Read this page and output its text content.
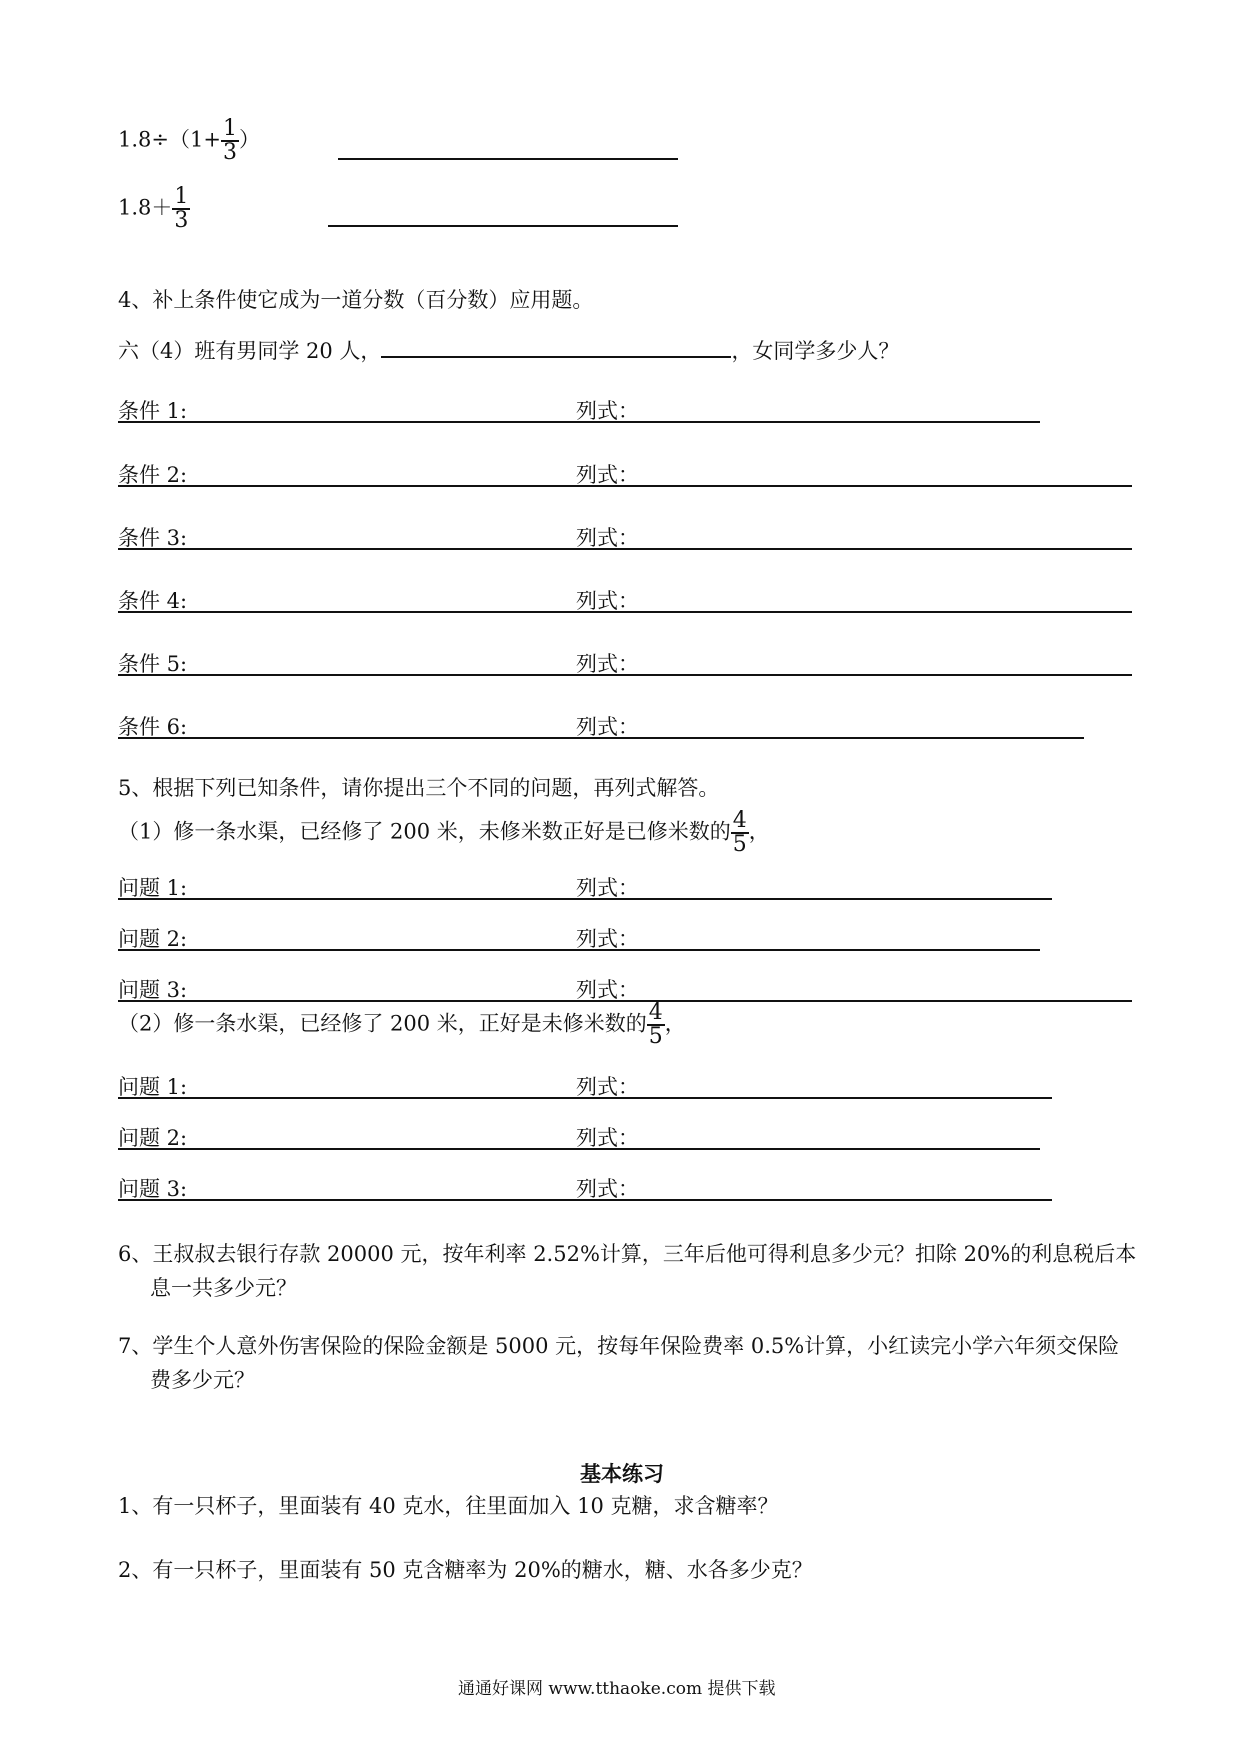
$1.8\div(1+ \frac{1}{3}$ ）
$1.8+ \frac{1}{3}$
4、补上条件使它成为一道分数（百分数）应用题。
六（4）班有男同学 20 人，	，女同学多少人？
条件 1:	列式：
条件 2:	列式：
条件 3:	列式：
条件 4:	列式：
条件 5:	列式：
条件 6:	列式：
5、根据下列已知条件，请你提出三个不同的问题，再列式解答。
（1）修一条水渠，已经修了 200 米，未修米数正好是已修米数的 $\frac{4}{5}$ ，
问题 1:	列式：
问题 2:	列式：
问题 3:	列式：
（2）修一条水渠，已经修了 200 米，正好是未修米数的 $\frac{4}{5}$ ，
问题 1:	列式：
问题 2:	列式：
问题 3:	列式：
6、王叔叔去银行存款 20000 元，按年利率 2.52%计算，三年后他可得利息多少元？扣除 20%的利息税后本
息一共多少元？
7、学生个人意外伤害保险的保险金额是 5000 元，按每年保险费率 0.5%计算，小红读完小学六年须交保险
费多少元？
基本练习
1、有一只杯子，里面装有 40 克水，往里面加入 10 克糖，求含糖率？
2、有一只杯子，里面装有 50 克含糖率为 20%的糖水，糖、水各多少克？
通通好课网 www.tthaoke.com 提供下载
